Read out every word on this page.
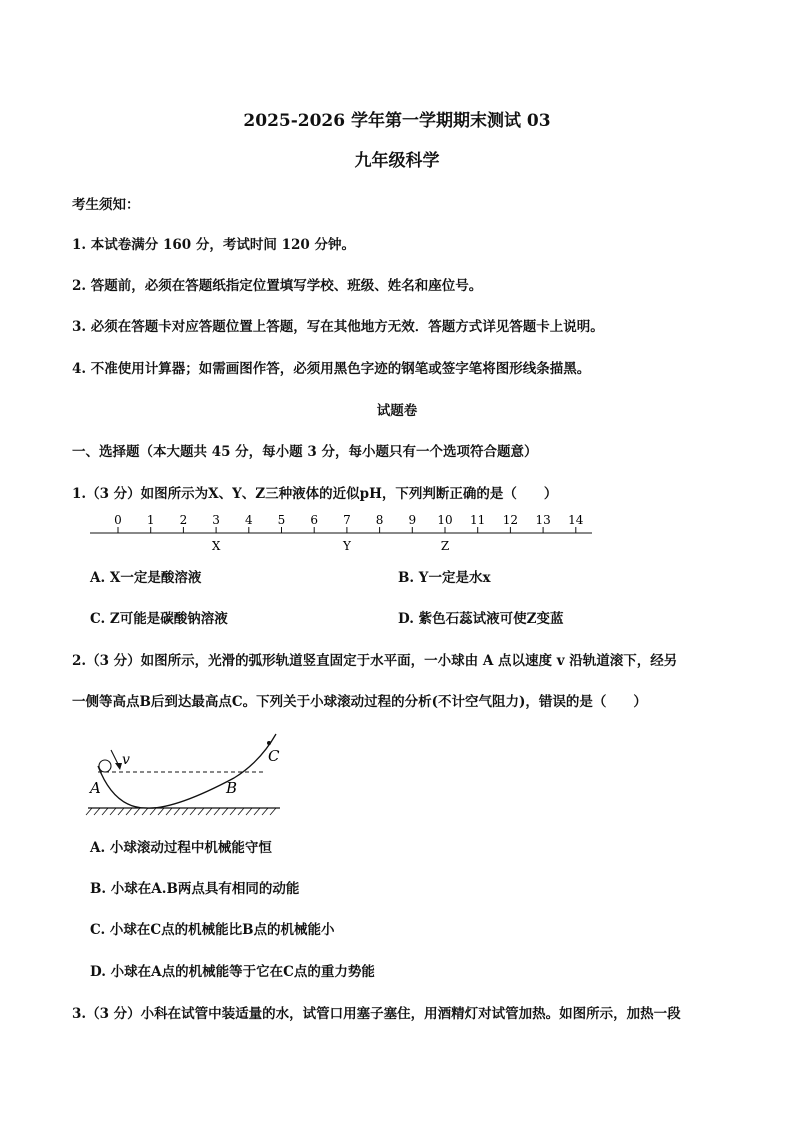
2025-2026 学年第一学期期末测试 03
九年级科学
考生须知：
1. 本试卷满分 160 分，考试时间 120 分钟。
2. 答题前，必须在答题纸指定位置填写学校、班级、姓名和座位号。
3. 必须在答题卡对应答题位置上答题，写在其他地方无效．答题方式详见答题卡上说明。
4. 不准使用计算器；如需画图作答，必须用黑色字迹的钢笔或签字笔将图形线条描黑。
试题卷
一、选择题（本大题共 45 分，每小题 3 分，每小题只有一个选项符合题意）
1.（3 分）如图所示为X、Y、Z三种液体的近似pH，下列判断正确的是（　　）
0 1 2 3 4 5 6 7 8 9 10 11 12 13 14
X	Y	Z
A. X一定是酸溶液	B. Y一定是水x
C. Z可能是碳酸钠溶液	D. 紫色石蕊试液可使Z变蓝
2.（3 分）如图所示，光滑的弧形轨道竖直固定于水平面，一小球由 A 点以速度 v 沿轨道滚下，经另
一侧等高点B后到达最高点C。下列关于小球滚动过程的分析(不计空气阻力)，错误的是（　　）
v
A	B
C
A. 小球滚动过程中机械能守恒
B. 小球在A.B两点具有相同的动能
C. 小球在C点的机械能比B点的机械能小
D. 小球在A点的机械能等于它在C点的重力势能
3.（3 分）小科在试管中装适量的水，试管口用塞子塞住，用酒精灯对试管加热。如图所示，加热一段
